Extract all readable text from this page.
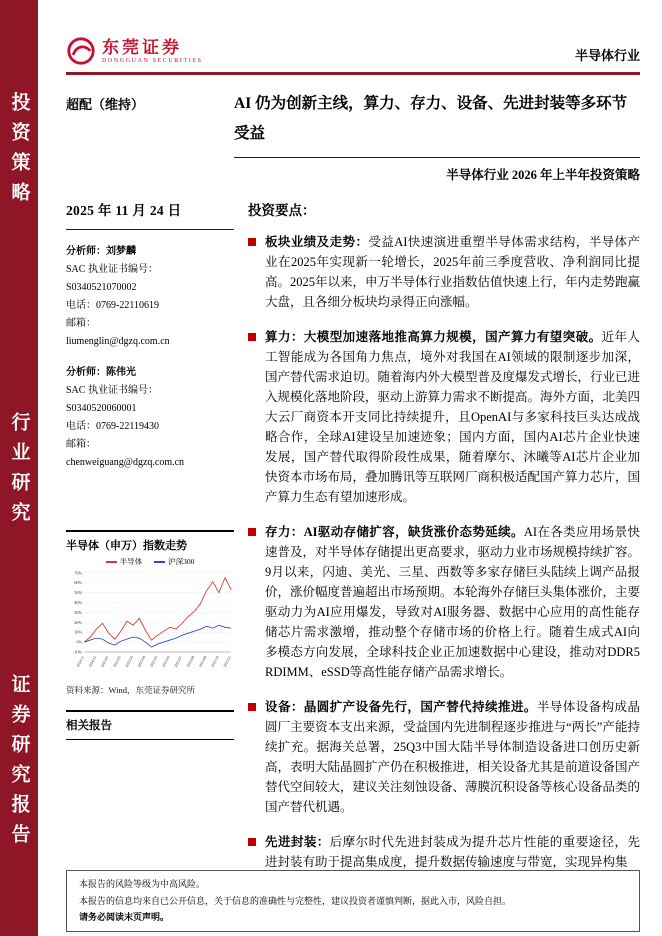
投资策略
行业研究
证券研究报告
东莞证券
DONGGUAN SECURITIES	半导体行业
超配（维持）	AI 仍为创新主线，算力、存力、设备、先进封装等多环节受益
半导体行业 2026 年上半年投资策略
2025 年 11 月 24 日
分析师：刘梦麟
SAC 执业证书编号：
S0340521070002
电话：0769-22110619
邮箱：
liumenglin@dgzq.com.cn
分析师：陈伟光
SAC 执业证书编号：
S0340520060001
电话：0769-22119430
邮箱：
chenweiguang@dgzq.com.cn
半导体（申万）指数走势
半导体	沪深300
70%
60%
50%
40%
30%
20%
10%
0%
-10%
2024/11 2024/12 2025/01 2025/02 2025/03 2025/04 2025/05 2025/06 2025/07 2025/08 2025/09 2025/10 2025/11
资料来源：Wind，东莞证券研究所
相关报告
投资要点：

板块业绩及走势：受益AI快速演进重塑半导体需求结构，半导体产业在2025年实现新一轮增长，2025年前三季度营收、净利润同比提高。2025年以来，申万半导体行业指数估值快速上行，年内走势跑赢大盘，且各细分板块均录得正向涨幅。

算力：大模型加速落地推高算力规模，国产算力有望突破。近年人工智能成为各国角力焦点，境外对我国在AI领域的限制逐步加深，国产替代需求迫切。随着海内外大模型普及度爆发式增长，行业已进入规模化落地阶段，驱动上游算力需求不断提高。海外方面，北美四大云厂商资本开支同比持续提升，且OpenAI与多家科技巨头达成战略合作，全球AI建设呈加速迹象；国内方面，国内AI芯片企业快速发展，国产替代取得阶段性成果，随着摩尔、沐曦等AI芯片企业加快资本市场布局，叠加腾讯等互联网厂商积极适配国产算力芯片，国产算力生态有望加速形成。

存力：AI驱动存储扩容，缺货涨价态势延续。AI在各类应用场景快速普及，对半导体存储提出更高要求，驱动力业市场规模持续扩容。9月以来，闪迪、美光、三星、西数等多家存储巨头陆续上调产品报价，涨价幅度普遍超出市场预期。本轮海外存储巨头集体涨价，主要驱动力为AI应用爆发，导致对AI服务器、数据中心应用的高性能存储芯片需求激增，推动整个存储市场的价格上行。随着生成式AI向多模态方向发展，全球科技企业正加速数据中心建设，推动对DDR5 RDIMM、eSSD等高性能存储产品需求增长。

设备：晶圆扩产设备先行，国产替代持续推进。半导体设备构成晶圆厂主要资本支出来源，受益国内先进制程逐步推进与“两长”产能持续扩充。据海关总署，25Q3中国大陆半导体制造设备进口创历史新高，表明大陆晶圆扩产仍在积极推进，相关设备尤其是前道设备国产替代空间较大，建议关注刻蚀设备、薄膜沉积设备等核心设备品类的国产替代机遇。

先进封装：后摩尔时代先进封装成为提升芯片性能的重要途径，先进封装有助于提高集成度，提升数据传输速度与带宽，实现异构集

本报告的风险等级为中高风险。
本报告的信息均来自已公开信息，关于信息的准确性与完整性，建议投资者谨慎判断，据此入市，风险自担。
请务必阅读末页声明。
